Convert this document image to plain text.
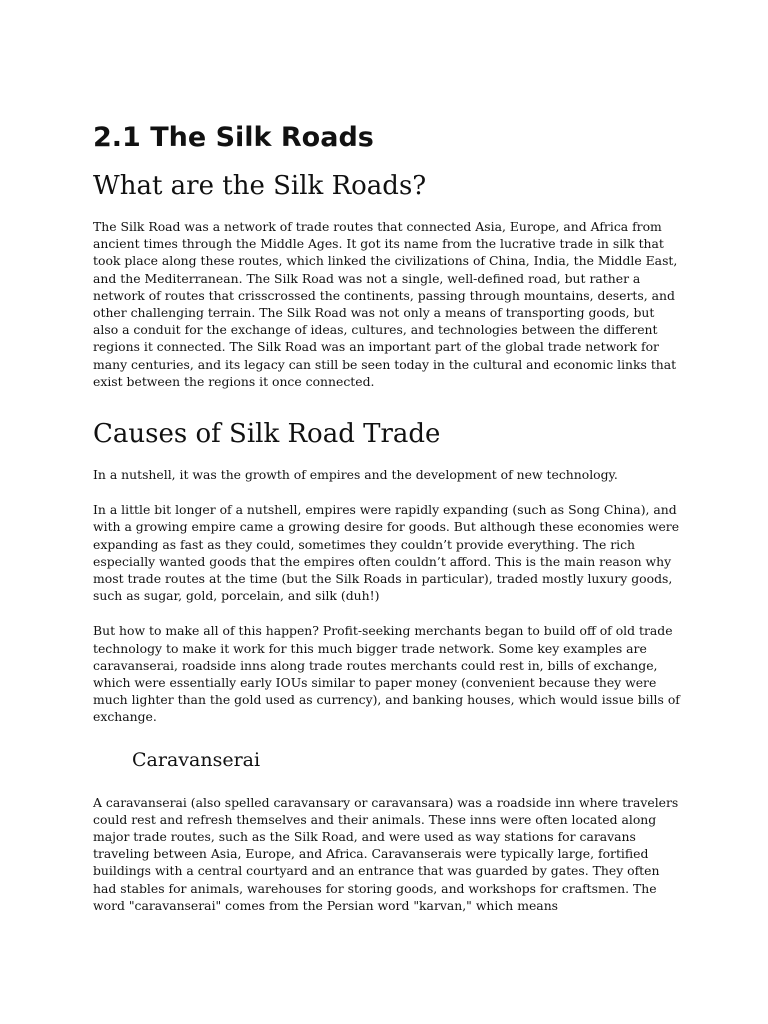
2.1 The Silk Roads
What are the Silk Roads?

The Silk Road was a network of trade routes that connected Asia, Europe, and Africa from ancient times through the Middle Ages. It got its name from the lucrative trade in silk that took place along these routes, which linked the civilizations of China, India, the Middle East, and the Mediterranean. The Silk Road was not a single, well-defined road, but rather a network of routes that crisscrossed the continents, passing through mountains, deserts, and other challenging terrain. The Silk Road was not only a means of transporting goods, but also a conduit for the exchange of ideas, cultures, and technologies between the different regions it connected. The Silk Road was an important part of the global trade network for many centuries, and its legacy can still be seen today in the cultural and economic links that exist between the regions it once connected.

Causes of Silk Road Trade

In a nutshell, it was the growth of empires and the development of new technology.

In a little bit longer of a nutshell, empires were rapidly expanding (such as Song China), and with a growing empire came a growing desire for goods. But although these economies were expanding as fast as they could, sometimes they couldn’t provide everything. The rich especially wanted goods that the empires often couldn’t afford. This is the main reason why most trade routes at the time (but the Silk Roads in particular), traded mostly luxury goods, such as sugar, gold, porcelain, and silk (duh!)

But how to make all of this happen? Profit-seeking merchants began to build off of old trade technology to make it work for this much bigger trade network. Some key examples are caravanserai, roadside inns along trade routes merchants could rest in, bills of exchange, which were essentially early IOUs similar to paper money (convenient because they were much lighter than the gold used as currency), and banking houses, which would issue bills of exchange.

Caravanserai

A caravanserai (also spelled caravansary or caravansara) was a roadside inn where travelers could rest and refresh themselves and their animals. These inns were often located along major trade routes, such as the Silk Road, and were used as way stations for caravans traveling between Asia, Europe, and Africa. Caravanserais were typically large, fortified buildings with a central courtyard and an entrance that was guarded by gates. They often had stables for animals, warehouses for storing goods, and workshops for craftsmen. The word "caravanserai" comes from the Persian word "karvan," which means
